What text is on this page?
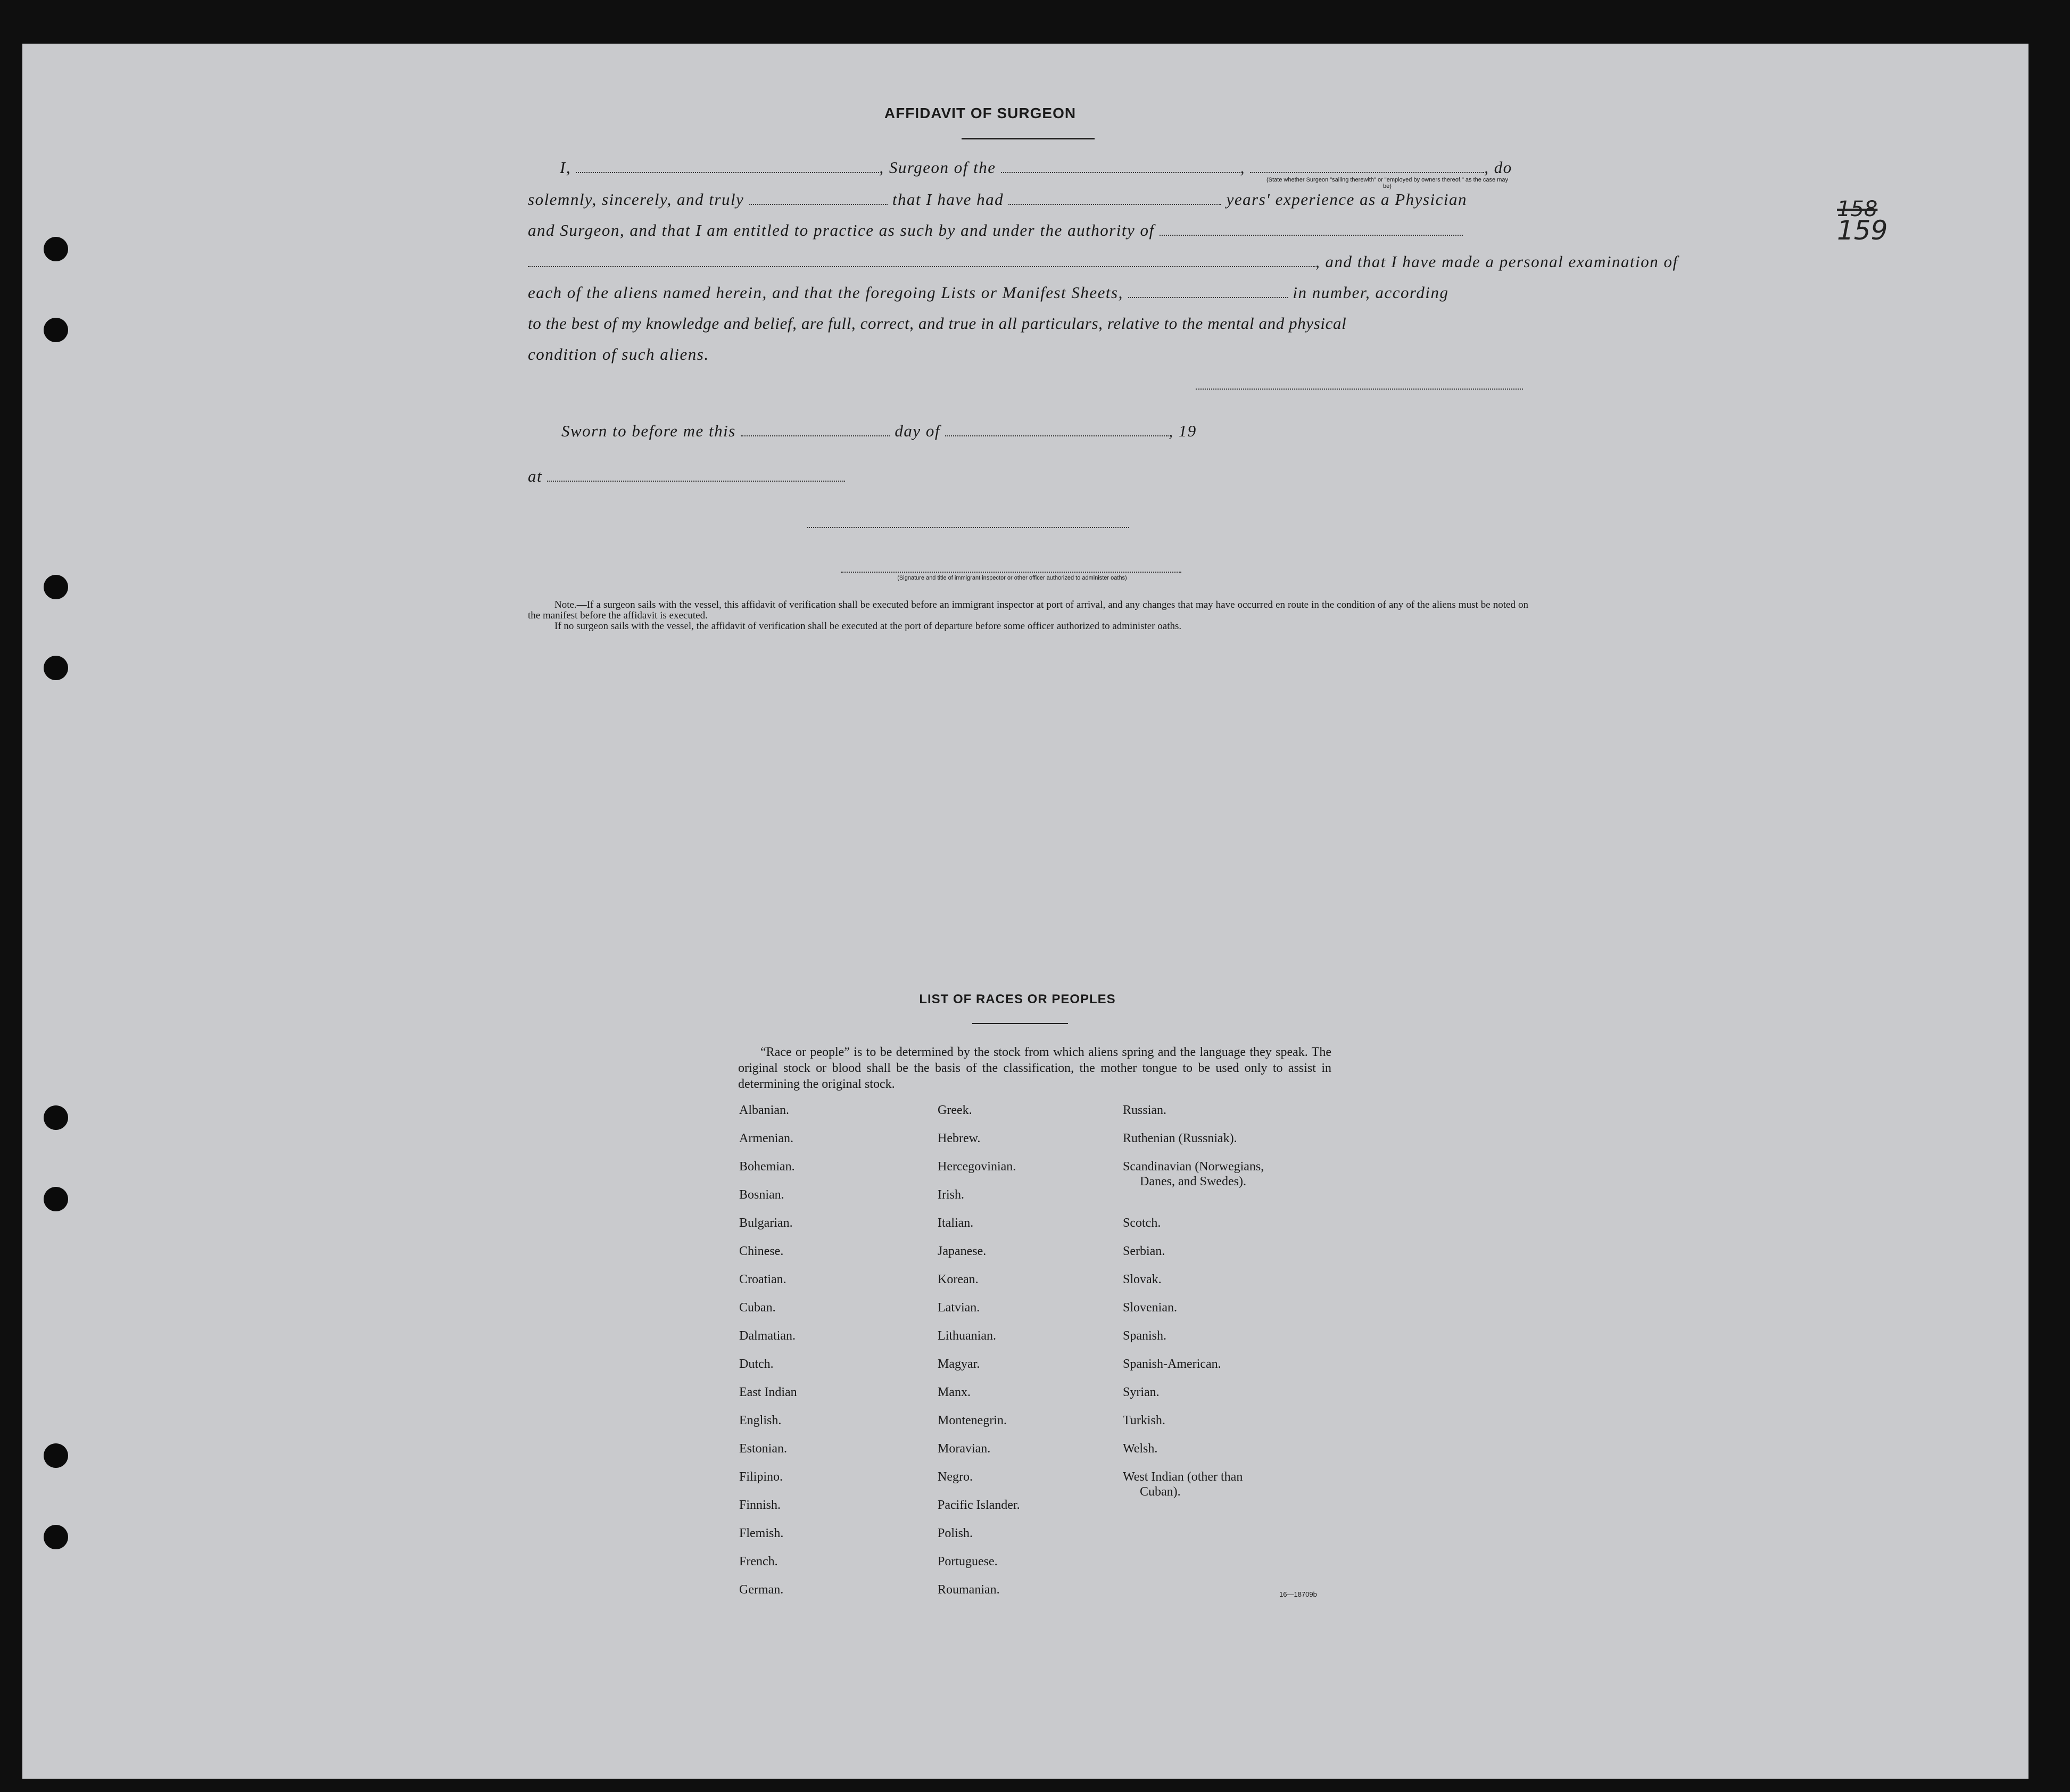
158
159
AFFIDAVIT OF SURGEON
I,	, Surgeon of the	,	, do
(State whether Surgeon "sailing therewith" or "employed by owners thereof," as the case may be)
solemnly, sincerely, and truly	that I have had	years' experience as a Physician
and Surgeon, and that I am entitled to practice as such by and under the authority of
, and that I have made a personal examination of
each of the aliens named herein, and that the foregoing Lists or Manifest Sheets,	in number, according
to the best of my knowledge and belief, are full, correct, and true in all particulars, relative to the mental and physical
condition of such aliens.
Sworn to before me this	day of	, 19
at
(Signature and title of immigrant inspector or other officer authorized to administer oaths)

Note.—If a surgeon sails with the vessel, this affidavit of verification shall be executed before an immigrant inspector at port of arrival, and any changes that may have occurred en route in the condition of any of the aliens must be noted on the manifest before the affidavit is executed.

If no surgeon sails with the vessel, the affidavit of verification shall be executed at the port of departure before some officer authorized to administer oaths.

LIST OF RACES OR PEOPLES
“Race or people” is to be determined by the stock from which aliens spring and the language they speak. The original stock or blood shall be the basis of the classification, the mother tongue to be used only to assist in determining the original stock.
Albanian.
Armenian.
Bohemian.
Bosnian.
Bulgarian.
Chinese.
Croatian.
Cuban.
Dalmatian.
Dutch.
East Indian
English.
Estonian.
Filipino.
Finnish.
Flemish.
French.
German.
Greek.
Hebrew.
Hercegovinian.
Irish.
Italian.
Japanese.
Korean.
Latvian.
Lithuanian.
Magyar.
Manx.
Montenegrin.
Moravian.
Negro.
Pacific Islander.
Polish.
Portuguese.
Roumanian.
Russian.
Ruthenian (Russniak).
Scandinavian (Norwegians,
Danes, and Swedes).
Scotch.
Serbian.
Slovak.
Slovenian.
Spanish.
Spanish-American.
Syrian.
Turkish.
Welsh.
West Indian (other than
Cuban).
16—18709b
